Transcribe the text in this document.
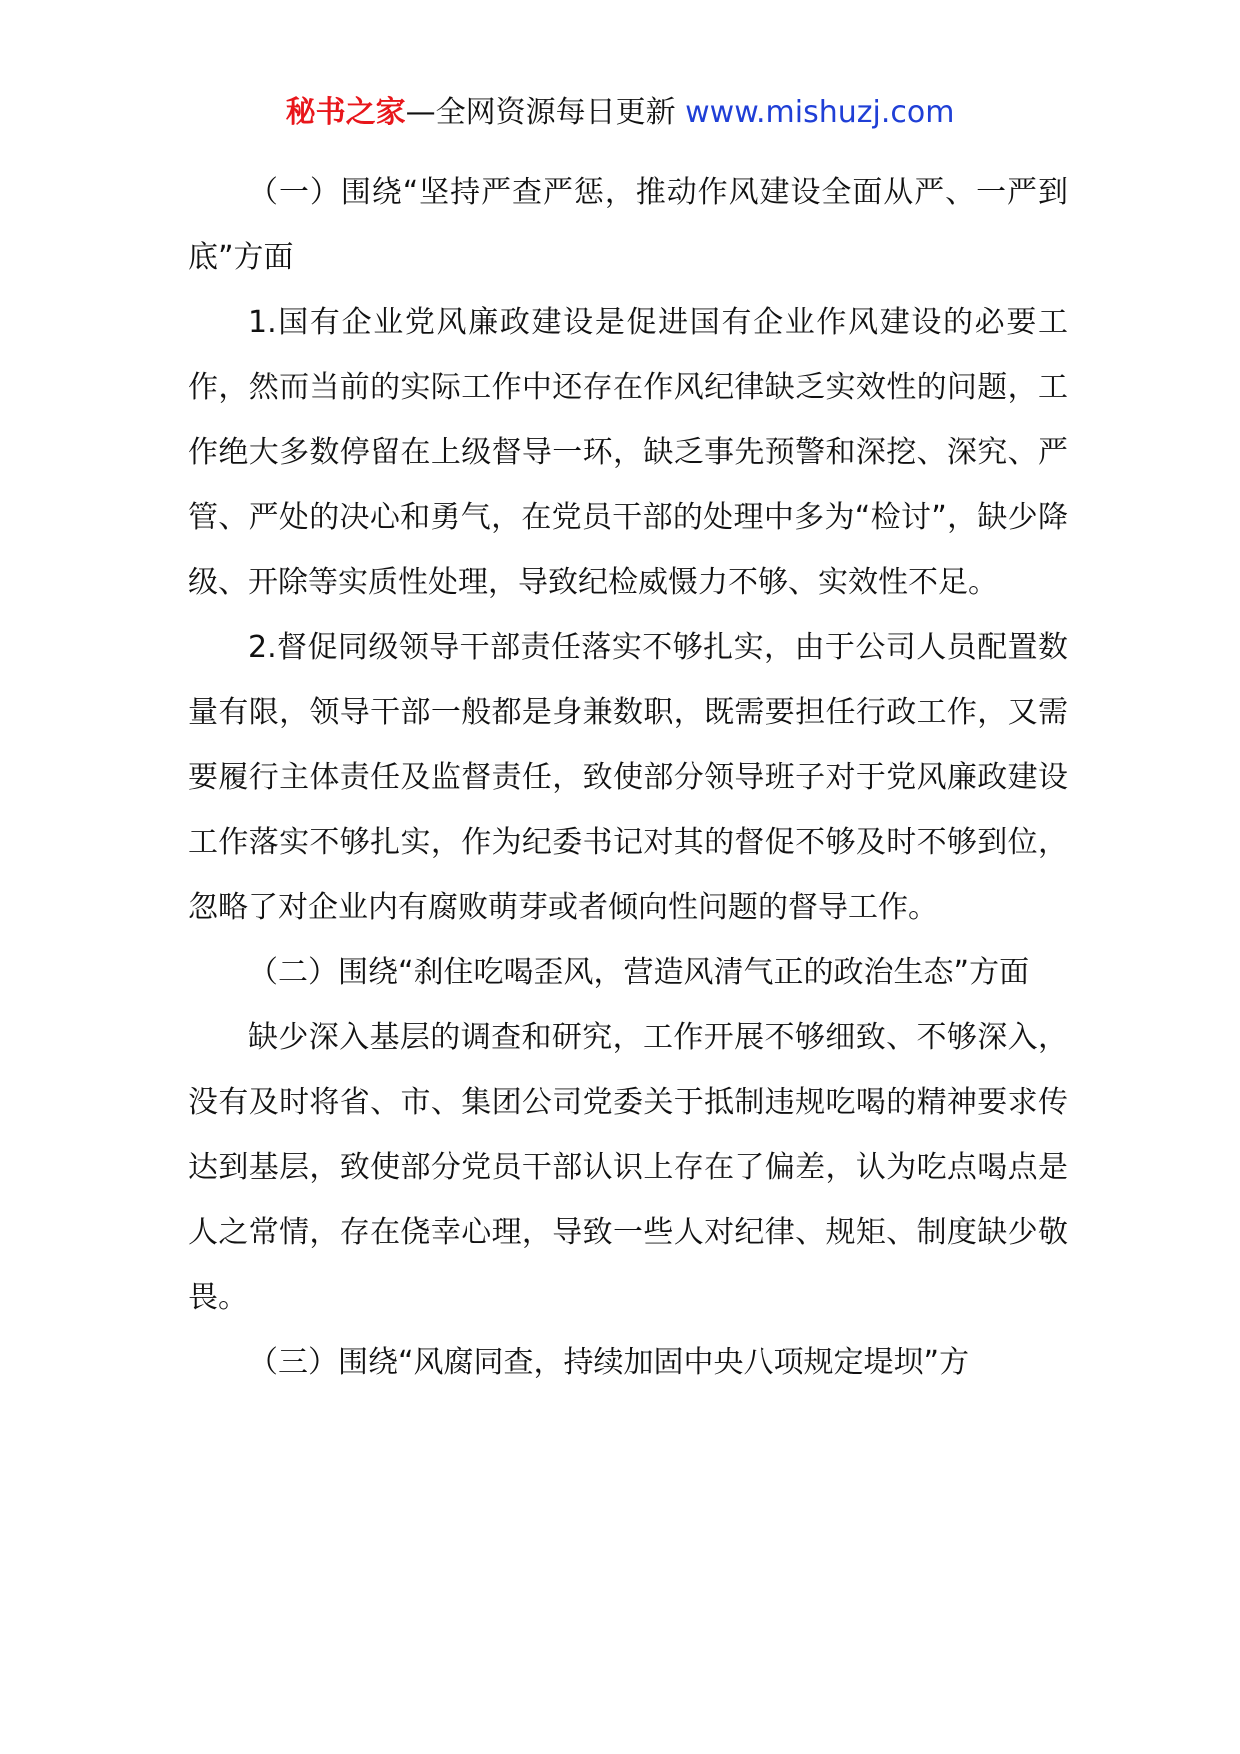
秘书之家—全网资源每日更新 www.mishuzj.com

（一）围绕“坚持严查严惩，推动作风建设全面从严、一严到底”方面

1.国有企业党风廉政建设是促进国有企业作风建设的必要工作，然而当前的实际工作中还存在作风纪律缺乏实效性的问题，工作绝大多数停留在上级督导一环，缺乏事先预警和深挖、深究、严管、严处的决心和勇气，在党员干部的处理中多为“检讨”，缺少降级、开除等实质性处理，导致纪检威慑力不够、实效性不足。

2.督促同级领导干部责任落实不够扎实，由于公司人员配置数量有限，领导干部一般都是身兼数职，既需要担任行政工作，又需要履行主体责任及监督责任，致使部分领导班子对于党风廉政建设工作落实不够扎实，作为纪委书记对其的督促不够及时不够到位，忽略了对企业内有腐败萌芽或者倾向性问题的督导工作。

（二）围绕“刹住吃喝歪风，营造风清气正的政治生态”方面

缺少深入基层的调查和研究，工作开展不够细致、不够深入，没有及时将省、市、集团公司党委关于抵制违规吃喝的精神要求传达到基层，致使部分党员干部认识上存在了偏差，认为吃点喝点是人之常情，存在侥幸心理，导致一些人对纪律、规矩、制度缺少敬畏。

（三）围绕“风腐同查，持续加固中央八项规定堤坝”方
